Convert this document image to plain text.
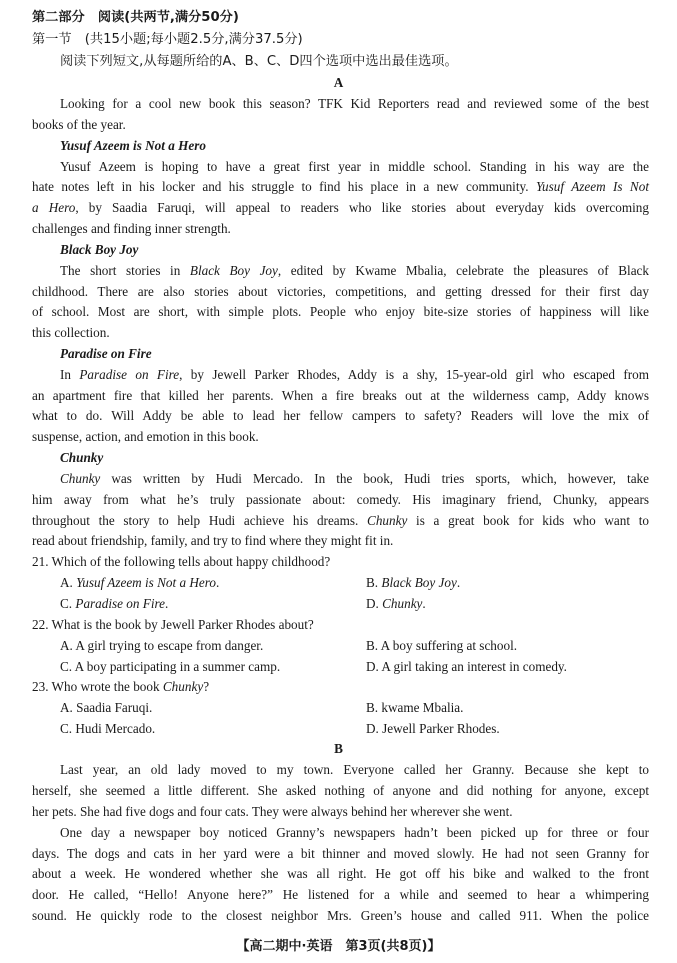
第二部分　阅读(共两节,满分50分)
第一节　(共15小题;每小题2.5分,满分37.5分)
阅读下列短文,从每题所给的A、B、C、D四个选项中选出最佳选项。
A
Looking for a cool new book this season? TFK Kid Reporters read and reviewed some of the best
books of the year.
Yusuf Azeem is Not a Hero
Yusuf Azeem is hoping to have a great first year in middle school. Standing in his way are the
hate notes left in his locker and his struggle to find his place in a new community. Yusuf Azeem Is Not
a Hero, by Saadia Faruqi, will appeal to readers who like stories about everyday kids overcoming
challenges and finding inner strength.
Black Boy Joy
The short stories in Black Boy Joy, edited by Kwame Mbalia, celebrate the pleasures of Black
childhood. There are also stories about victories, competitions, and getting dressed for their first day
of school. Most are short, with simple plots. People who enjoy bite-size stories of happiness will like
this collection.
Paradise on Fire
In Paradise on Fire, by Jewell Parker Rhodes, Addy is a shy, 15-year-old girl who escaped from
an apartment fire that killed her parents. When a fire breaks out at the wilderness camp, Addy knows
what to do. Will Addy be able to lead her fellow campers to safety? Readers will love the mix of
suspense, action, and emotion in this book.
Chunky
Chunky was written by Hudi Mercado. In the book, Hudi tries sports, which, however, take
him away from what he’s truly passionate about: comedy. His imaginary friend, Chunky, appears
throughout the story to help Hudi achieve his dreams. Chunky is a great book for kids who want to
read about friendship, family, and try to find where they might fit in.
21. Which of the following tells about happy childhood?
A. Yusuf Azeem is Not a Hero.	B. Black Boy Joy.
C. Paradise on Fire.	D. Chunky.
22. What is the book by Jewell Parker Rhodes about?
A. A girl trying to escape from danger.	B. A boy suffering at school.
C. A boy participating in a summer camp.	D. A girl taking an interest in comedy.
23. Who wrote the book Chunky?
A. Saadia Faruqi.	B. kwame Mbalia.
C. Hudi Mercado.	D. Jewell Parker Rhodes.
B
Last year, an old lady moved to my town. Everyone called her Granny. Because she kept to
herself, she seemed a little different. She asked nothing of anyone and did nothing for anyone, except
her pets. She had five dogs and four cats. They were always behind her wherever she went.
One day a newspaper boy noticed Granny’s newspapers hadn’t been picked up for three or four
days. The dogs and cats in her yard were a bit thinner and moved slowly. He had not seen Granny for
about a week. He wondered whether she was all right. He got off his bike and walked to the front
door. He called, “Hello! Anyone here?” He listened for a while and seemed to hear a whimpering
sound. He quickly rode to the closest neighbor Mrs. Green’s house and called 911. When the police
【高二期中·英语　第3页(共8页)】
